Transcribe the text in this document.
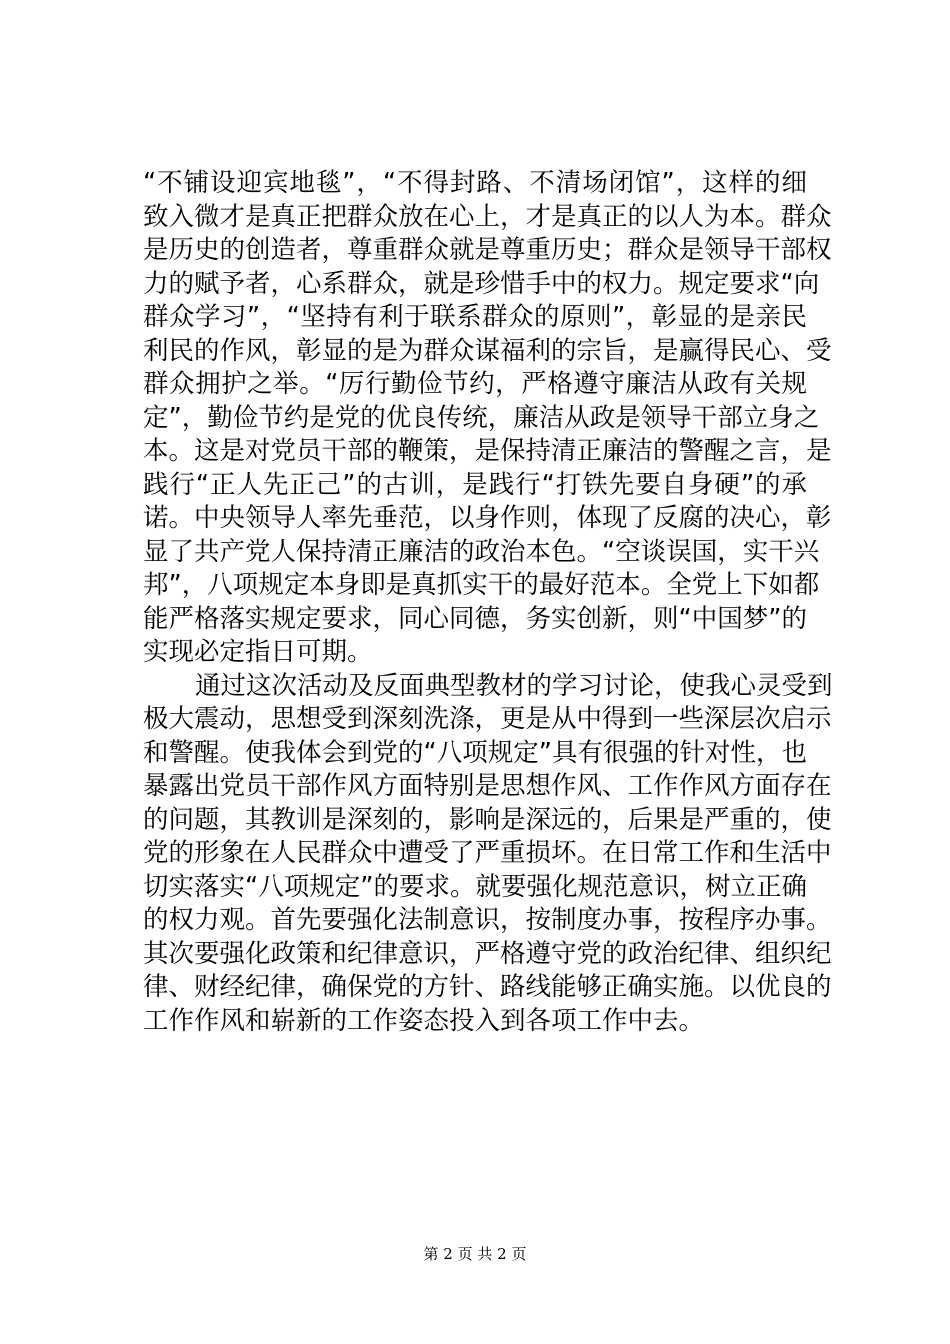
“不铺设迎宾地毯”，“不得封路、不清场闭馆”，这样的细
致入微才是真正把群众放在心上，才是真正的以人为本。群众
是历史的创造者，尊重群众就是尊重历史；群众是领导干部权
力的赋予者，心系群众，就是珍惜手中的权力。规定要求“向
群众学习”，“坚持有利于联系群众的原则”，彰显的是亲民
利民的作风，彰显的是为群众谋福利的宗旨，是赢得民心、受
群众拥护之举。“厉行勤俭节约，严格遵守廉洁从政有关规
定”，勤俭节约是党的优良传统，廉洁从政是领导干部立身之
本。这是对党员干部的鞭策，是保持清正廉洁的警醒之言，是
践行“正人先正己”的古训，是践行“打铁先要自身硬”的承
诺。中央领导人率先垂范，以身作则，体现了反腐的决心，彰
显了共产党人保持清正廉洁的政治本色。“空谈误国，实干兴
邦”，八项规定本身即是真抓实干的最好范本。全党上下如都
能严格落实规定要求，同心同德，务实创新，则“中国梦”的
实现必定指日可期。
通过这次活动及反面典型教材的学习讨论，使我心灵受到
极大震动，思想受到深刻洗涤，更是从中得到一些深层次启示
和警醒。使我体会到党的“八项规定”具有很强的针对性，也
暴露出党员干部作风方面特别是思想作风、工作作风方面存在
的问题，其教训是深刻的，影响是深远的，后果是严重的，使
党的形象在人民群众中遭受了严重损坏。在日常工作和生活中
切实落实“八项规定”的要求。就要强化规范意识，树立正确
的权力观。首先要强化法制意识，按制度办事，按程序办事。
其次要强化政策和纪律意识，严格遵守党的政治纪律、组织纪
律、财经纪律，确保党的方针、路线能够正确实施。以优良的
工作作风和崭新的工作姿态投入到各项工作中去。
第 2 页 共 2 页
